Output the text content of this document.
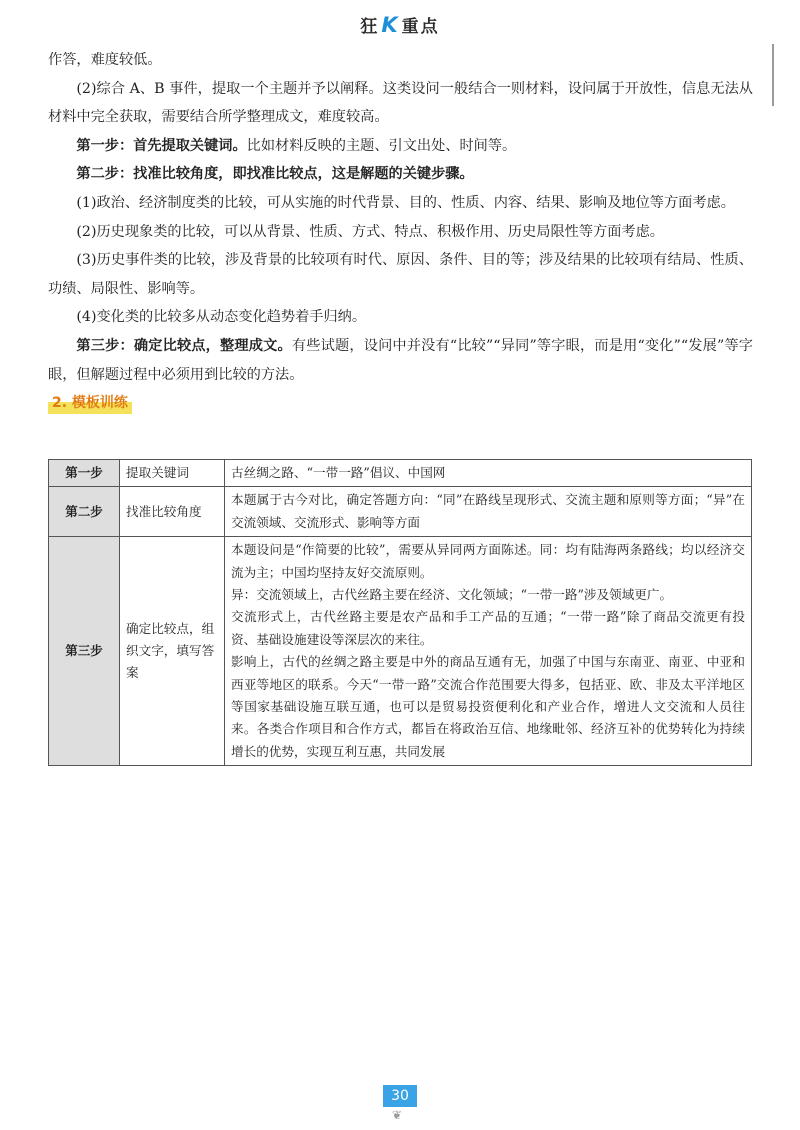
狂K 重点

作答，难度较低。

(2)综合 A、B 事件，提取一个主题并予以阐释。这类设问一般结合一则材料，设问属于开放性，信息无法从材料中完全获取，需要结合所学整理成文，难度较高。

第一步：首先提取关键词。比如材料反映的主题、引文出处、时间等。

第二步：找准比较角度，即找准比较点，这是解题的关键步骤。

(1)政治、经济制度类的比较，可从实施的时代背景、目的、性质、内容、结果、影响及地位等方面考虑。

(2)历史现象类的比较，可以从背景、性质、方式、特点、积极作用、历史局限性等方面考虑。

(3)历史事件类的比较，涉及背景的比较项有时代、原因、条件、目的等；涉及结果的比较项有结局、性质、功绩、局限性、影响等。

(4)变化类的比较多从动态变化趋势着手归纳。

第三步：确定比较点，整理成文。有些试题，设问中并没有“比较”“异同”等字眼，而是用“变化”“发展”等字眼，但解题过程中必须用到比较的方法。

2. 模板训练
第一步	提取关键词	古丝绸之路、“一带一路”倡议、中国网

第二步	找准比较角度	本题属于古今对比，确定答题方向：“同”在路线呈现形式、交流主题和原则等方面；“异”在交流领域、交流形式、影响等方面

第三步	确定比较点，组织文字，填写答案	本题设问是“作简要的比较”，需要从异同两方面陈述。同：均有陆海两条路线；均以经济交流为主；中国均坚持友好交流原则。
异：交流领域上，古代丝路主要在经济、文化领域；“一带一路”涉及领域更广。
交流形式上，古代丝路主要是农产品和手工产品的互通；“一带一路”除了商品交流更有投资、基础设施建设等深层次的来往。
影响上，古代的丝绸之路主要是中外的商品互通有无，加强了中国与东南亚、南亚、中亚和西亚等地区的联系。今天“一带一路”交流合作范围要大得多，包括亚、欧、非及太平洋地区等国家基础设施互联互通，也可以是贸易投资便利化和产业合作，增进人文交流和人员往来。各类合作项目和合作方式，都旨在将政治互信、地缘毗邻、经济互补的优势转化为持续增长的优势，实现互利互惠，共同发展
30
❦
